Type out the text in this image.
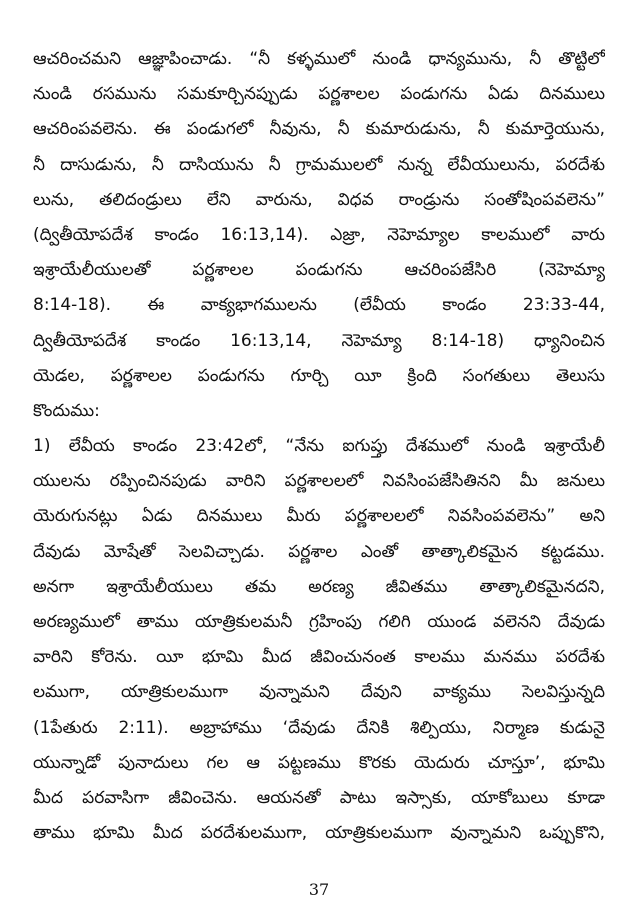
ఆచరించమని ఆజ్ఞాపించాడు. “నీ కళ్ళములో నుండి ధాన్యమును, నీ తొట్టిలో
నుండి రసమును సమకూర్చినప్పుడు పర్ణశాలల పండుగను ఏడు దినములు
ఆచరింపవలెను. ఈ పండుగలో నీవును, నీ కుమారుడును, నీ కుమార్తెయును,
నీ దాసుడును, నీ దాసియును నీ గ్రామములలో నున్న లేవీయులును, పరదేశు
లును, తలిదండ్రులు లేని వారును, విధవ రాండ్రును సంతోషింపవలెను”
(ద్వితీయోపదేశ కాండం 16:13,14). ఎజ్రా, నెహెమ్యాల కాలములో వారు
ఇశ్రాయేలీయులతో పర్ణశాలల పండుగను ఆచరింపజేసిరి (నెహెమ్యా
8:14-18). ఈ వాక్యభాగములను (లేవీయ కాండం 23:33-44,
ద్వితీయోపదేశ కాండం 16:13,14, నెహెమ్యా 8:14-18) ధ్యానించిన
యెడల, పర్ణశాలల పండుగను గూర్చి యీ క్రింది సంగతులు తెలుసు
కొందుము:
1) లేవీయ కాండం 23:42లో, “నేను ఐగుప్తు దేశములో నుండి ఇశ్రాయేలీ
యులను రప్పించినపుడు వారిని పర్ణశాలలలో నివసింపజేసితినని మీ జనులు
యెరుగునట్లు ఏడు దినములు మీరు పర్ణశాలలలో నివసింపవలెను” అని
దేవుడు మోషేతో సెలవిచ్చాడు. పర్ణశాల ఎంతో తాత్కాలికమైన కట్టడము.
అనగా ఇశ్రాయేలీయులు తమ అరణ్య జీవితము తాత్కాలికమైనదని,
అరణ్యములో తాము యాత్రికులమనీ గ్రహింపు గలిగి యుండ వలెనని దేవుడు
వారిని కోరెను. యీ భూమి మీద జీవించునంత కాలము మనము పరదేశు
లముగా, యాత్రికులముగా వున్నామని దేవుని వాక్యము సెలవిస్తున్నది
(1పేతురు 2:11). అబ్రాహాము ‘దేవుడు దేనికి శిల్పియు, నిర్మాణ కుడునై
యున్నాడో పునాదులు గల ఆ పట్టణము కొరకు యెదురు చూస్తూ’, భూమి
మీద పరవాసిగా జీవించెను. ఆయనతో పాటు ఇస్సాకు, యాకోబులు కూడా
తాము భూమి మీద పరదేశులముగా, యాత్రికులముగా వున్నామని ఒప్పుకొని,
37
